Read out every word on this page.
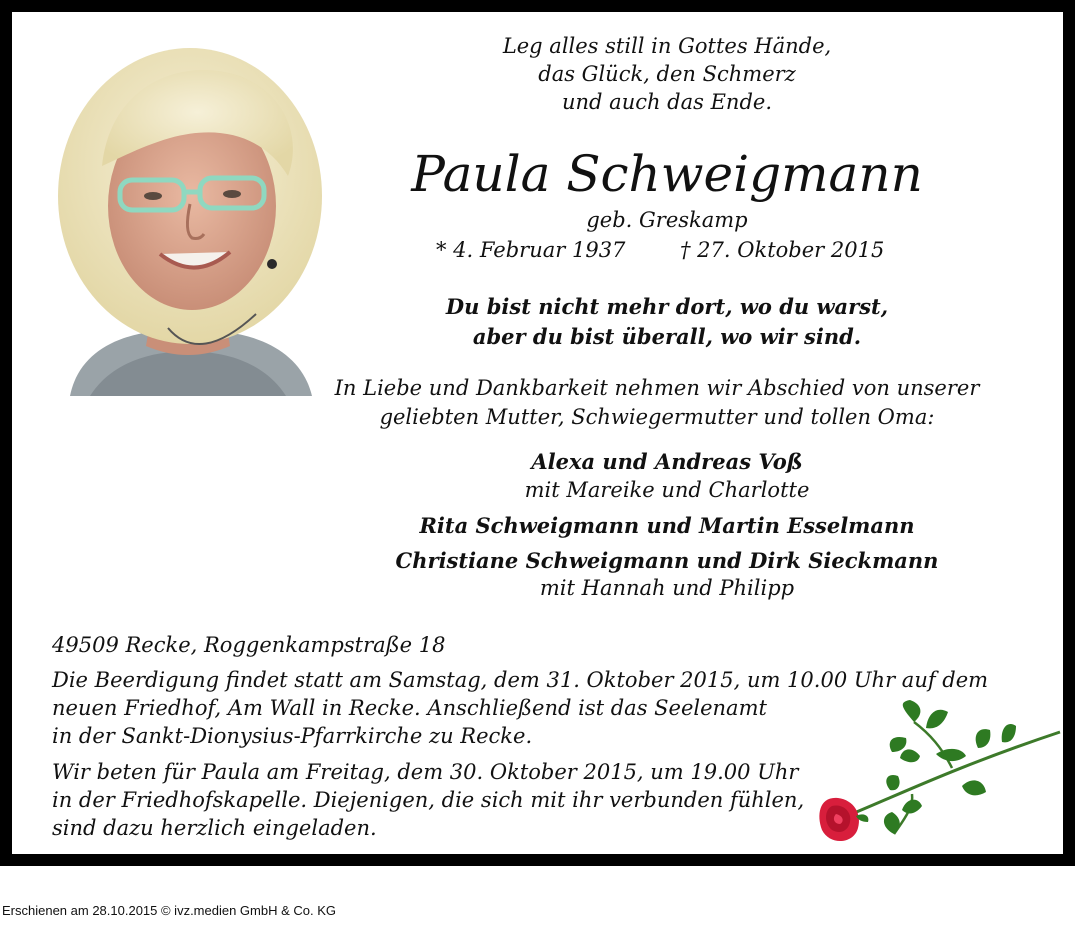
Leg alles still in Gottes Hände,
das Glück, den Schmerz
und auch das Ende.
Paula Schweigmann
geb. Greskamp
* 4. Februar 1937	† 27. Oktober 2015
Du bist nicht mehr dort, wo du warst,
aber du bist überall, wo wir sind.
In Liebe und Dankbarkeit nehmen wir Abschied von unserer
geliebten Mutter, Schwiegermutter und tollen Oma:
Alexa und Andreas Voß
mit Mareike und Charlotte
Rita Schweigmann und Martin Esselmann
Christiane Schweigmann und Dirk Sieckmann
mit Hannah und Philipp
49509 Recke, Roggenkampstraße 18
Die Beerdigung findet statt am Samstag, dem 31. Oktober 2015, um 10.00 Uhr auf dem
neuen Friedhof, Am Wall in Recke. Anschließend ist das Seelenamt
in der Sankt-Dionysius-Pfarrkirche zu Recke.
Wir beten für Paula am Freitag, dem 30. Oktober 2015, um 19.00 Uhr
in der Friedhofskapelle. Diejenigen, die sich mit ihr verbunden fühlen,
sind dazu herzlich eingeladen.

Erschienen am 28.10.2015 © ivz.medien GmbH & Co. KG
